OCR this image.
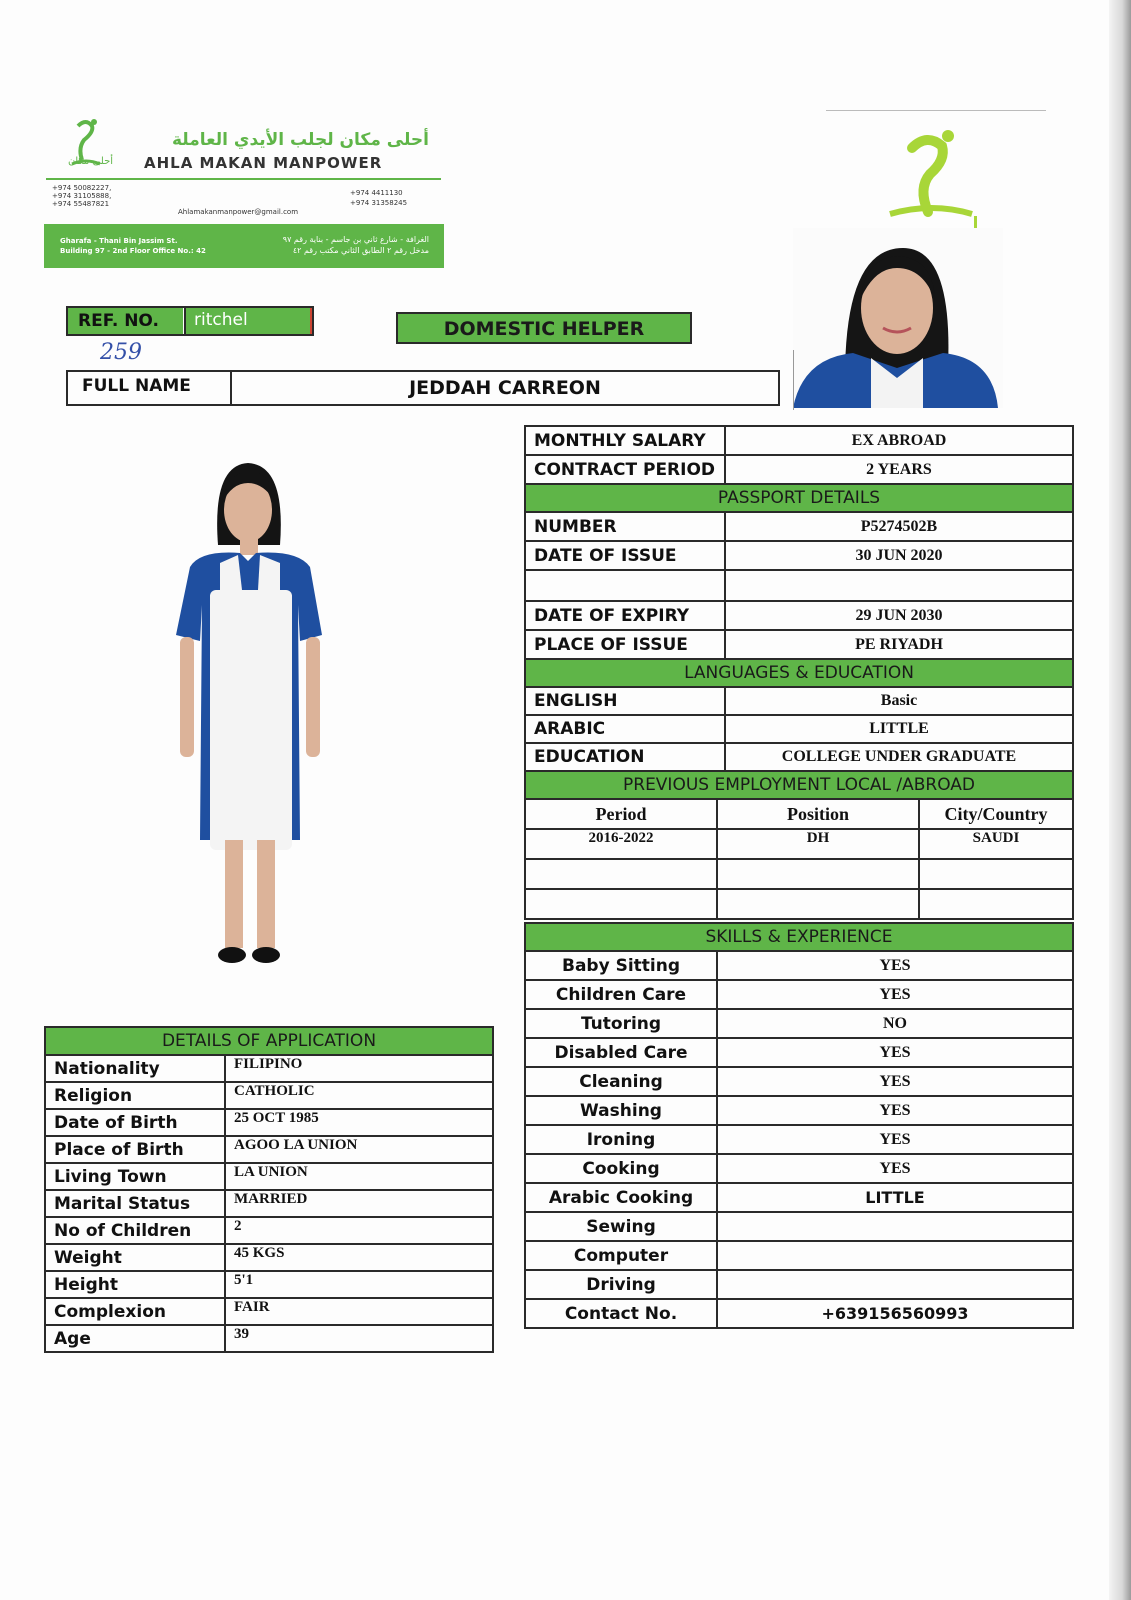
أحلى مكان
أحلى مكان لجلب الأيدي العاملة
AHLA MAKAN MANPOWER
+974 50082227,
+974 31105888,
+974 55487821
Ahlamakanmanpower@gmail.com
+974 4411130
+974 31358245
Gharafa - Thani Bin Jassim St.
Building 97 - 2nd Floor Office No.: 42
الغرافة - شارع ثاني بن جاسم - بناية رقم ٩٧
مدخل رقم ٢ الطابق الثاني مكتب رقم ٤٢
REF. NO.	ritchel
259
DOMESTIC HELPER
FULL NAME	JEDDAH CARREON
MONTHLY SALARY	EX ABROAD
CONTRACT PERIOD	2 YEARS
PASSPORT DETAILS	
NUMBER	P5274502B
DATE OF ISSUE	30 JUN 2020

DATE OF EXPIRY	29 JUN 2030
PLACE OF ISSUE	PE RIYADH
LANGUAGES & EDUCATION	
ENGLISH	Basic
ARABIC	LITTLE
EDUCATION	COLLEGE UNDER GRADUATE
PREVIOUS EMPLOYMENT LOCAL /ABROAD		
Period	Position	City/Country
2016-2022	DH	SAUDI

SKILLS & EXPERIENCE	
Baby Sitting	YES
Children Care	YES
Tutoring	NO
Disabled Care	YES
Cleaning	YES
Washing	YES
Ironing	YES
Cooking	YES
Arabic Cooking	LITTLE
Sewing	
Computer	
Driving	
Contact No.	+639156560993
DETAILS OF APPLICATION	
Nationality	FILIPINO
Religion	CATHOLIC
Date of Birth	25 OCT 1985
Place of Birth	AGOO LA UNION
Living Town	LA UNION
Marital Status	MARRIED
No of Children	2
Weight	45 KGS
Height	5'1
Complexion	FAIR
Age	39
